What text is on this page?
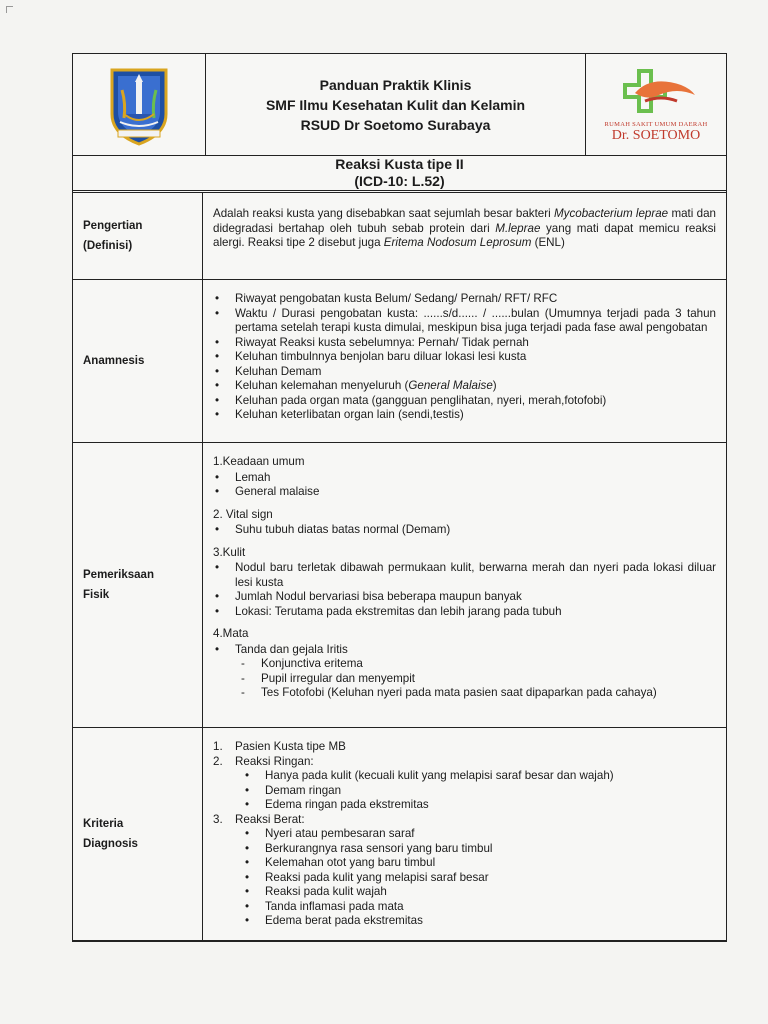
Panduan Praktik Klinis
SMF Ilmu Kesehatan Kulit dan Kelamin
RSUD Dr Soetomo Surabaya	RUMAH SAKIT UMUM DAERAH
Dr. SOETOMO
Reaksi Kusta tipe II
(ICD-10: L.52)
Pengertian
(Definisi)
Adalah reaksi kusta yang disebabkan saat sejumlah besar bakteri Mycobacterium leprae mati dan didegradasi bertahap oleh tubuh sebab protein dari M.leprae yang mati dapat memicu reaksi alergi. Reaksi tipe 2 disebut juga Eritema Nodosum Leprosum (ENL)
Anamnesis
• Riwayat pengobatan kusta Belum/ Sedang/ Pernah/ RFT/ RFC
• Waktu / Durasi pengobatan kusta: ......s/d...... / ......bulan (Umumnya terjadi pada 3 tahun pertama setelah terapi kusta dimulai, meskipun bisa juga terjadi pada fase awal pengobatan
• Riwayat Reaksi kusta sebelumnya: Pernah/ Tidak pernah
• Keluhan timbulnnya benjolan baru diluar lokasi lesi kusta
• Keluhan Demam
• Keluhan kelemahan menyeluruh (General Malaise)
• Keluhan pada organ mata (gangguan penglihatan, nyeri, merah,fotofobi)
• Keluhan keterlibatan organ lain (sendi,testis)
Pemeriksaan
Fisik
1.Keadaan umum
• Lemah
• General malaise
2. Vital sign
• Suhu tubuh diatas batas normal (Demam)
3.Kulit
• Nodul baru terletak dibawah permukaan kulit, berwarna merah dan nyeri pada lokasi diluar lesi kusta
• Jumlah Nodul bervariasi bisa beberapa maupun banyak
• Lokasi: Terutama pada ekstremitas dan lebih jarang pada tubuh
4.Mata
• Tanda dan gejala Iritis
- Konjunctiva eritema
- Pupil irregular dan menyempit
- Tes Fotofobi (Keluhan nyeri pada mata pasien saat dipaparkan pada cahaya)
Kriteria
Diagnosis
1. Pasien Kusta tipe MB
2. Reaksi Ringan:
• Hanya pada kulit (kecuali kulit yang melapisi saraf besar dan wajah)
• Demam ringan
• Edema ringan pada ekstremitas
3. Reaksi Berat:
• Nyeri atau pembesaran saraf
• Berkurangnya rasa sensori yang baru timbul
• Kelemahan otot yang baru timbul
• Reaksi pada kulit yang melapisi saraf besar
• Reaksi pada kulit wajah
• Tanda inflamasi pada mata
• Edema berat pada ekstremitas
